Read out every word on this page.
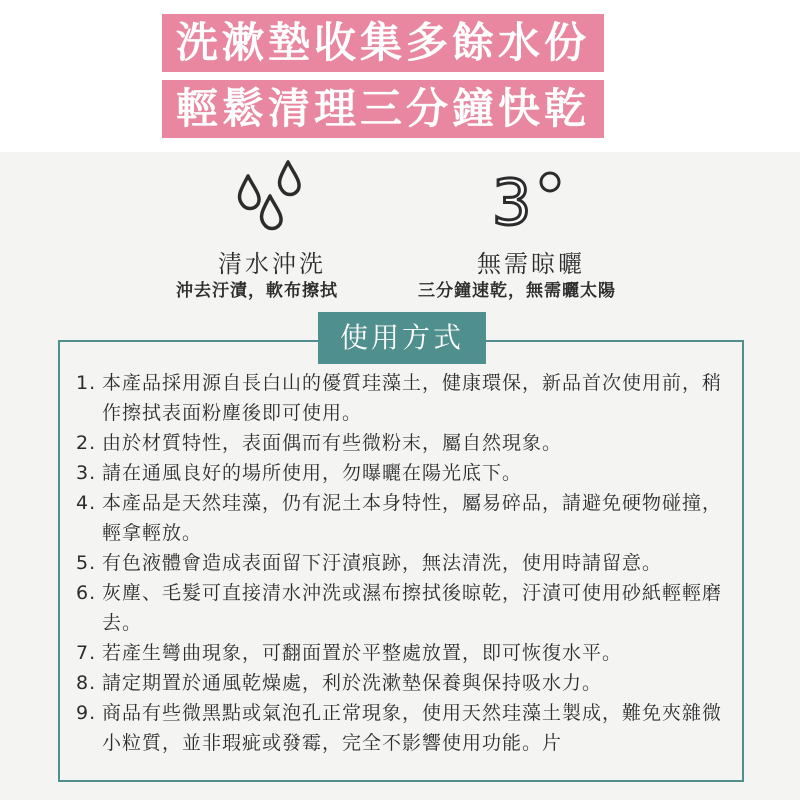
洗漱墊收集多餘水份
輕鬆清理三分鐘快乾
清水沖洗
沖去汙漬，軟布擦拭
3
無需晾曬
三分鐘速乾，無需曬太陽
使用方式
1. 本產品採用源自長白山的優質珪藻土，健康環保，新品首次使用前，稍作擦拭表面粉塵後即可使用。
2. 由於材質特性，表面偶而有些微粉末，屬自然現象。
3. 請在通風良好的場所使用，勿曝曬在陽光底下。
4. 本產品是天然珪藻，仍有泥土本身特性，屬易碎品，請避免硬物碰撞，輕拿輕放。
5. 有色液體會造成表面留下汙漬痕跡，無法清洗，使用時請留意。
6. 灰塵、毛髮可直接清水沖洗或濕布擦拭後晾乾，汙漬可使用砂紙輕輕磨去。
7. 若產生彎曲現象，可翻面置於平整處放置，即可恢復水平。
8. 請定期置於通風乾燥處，利於洗漱墊保養與保持吸水力。
9. 商品有些微黑點或氣泡孔正常現象，使用天然珪藻土製成，難免夾雜微小粒質，並非瑕疵或發霉，完全不影響使用功能。片
